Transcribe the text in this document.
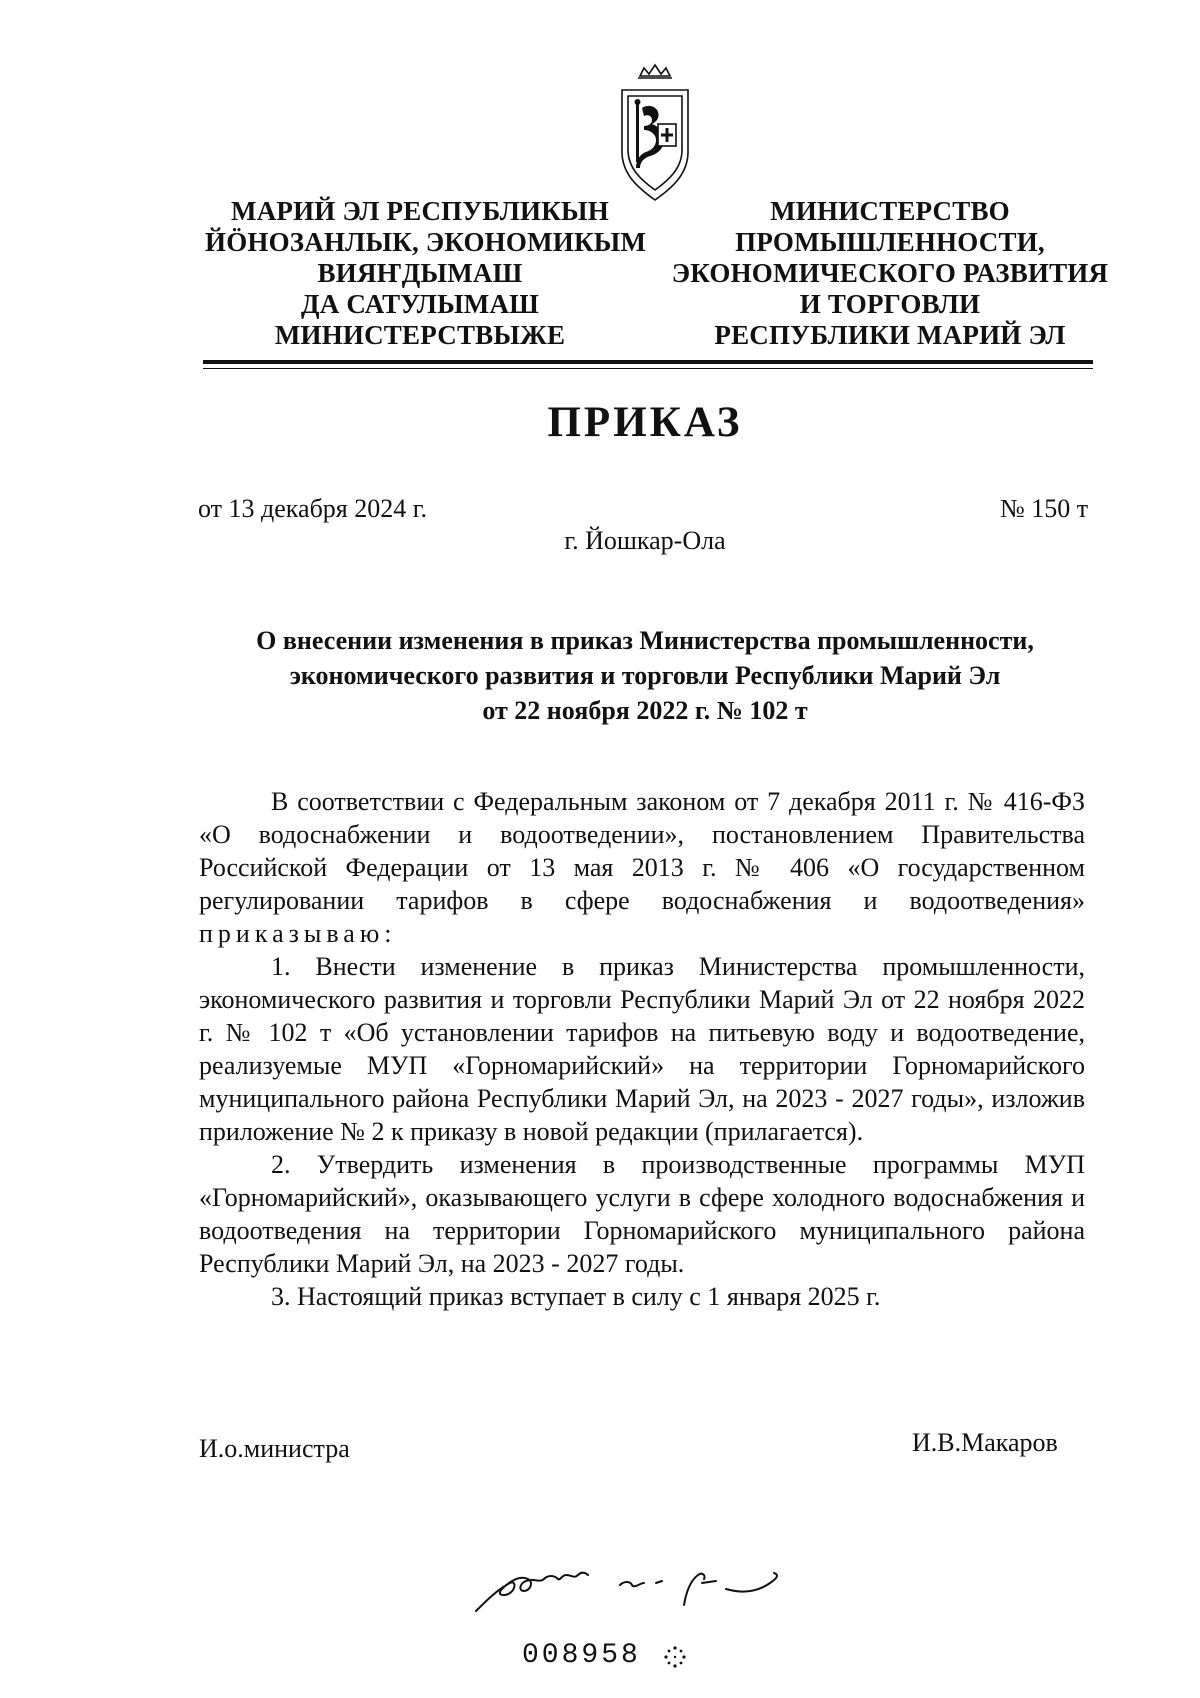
МАРИЙ ЭЛ РЕСПУБЛИКЫН
ЙӦНОЗАНЛЫК, ЭКОНОМИКЫМ
ВИЯҤДЫМАШ
ДА САТУЛЫМАШ
МИНИСТЕРСТВЫЖЕ
МИНИСТЕРСТВО
ПРОМЫШЛЕННОСТИ,
ЭКОНОМИЧЕСКОГО РАЗВИТИЯ
И ТОРГОВЛИ
РЕСПУБЛИКИ МАРИЙ ЭЛ
ПРИКАЗ
от 13 декабря 2024 г.	№ 150 т
г. Йошкар-Ола
О внесении изменения в приказ Министерства промышленности,
экономического развития и торговли Республики Марий Эл
от 22 ноября 2022 г. № 102 т

В соответствии с Федеральным законом от 7 декабря 2011 г. № 416-ФЗ «О водоснабжении и водоотведении», постановлением Правительства Российской Федерации от 13 мая 2013 г. № 406 «О государственном регулировании тарифов в сфере водоснабжения и водоотведения» приказываю:

1. Внести изменение в приказ Министерства промышленности, экономического развития и торговли Республики Марий Эл от 22 ноября 2022 г. № 102 т «Об установлении тарифов на питьевую воду и водоотведение, реализуемые МУП «Горномарийский» на территории Горномарийского муниципального района Республики Марий Эл, на 2023 - 2027 годы», изложив приложение № 2 к приказу в новой редакции (прилагается).

2. Утвердить изменения в производственные программы МУП «Горномарийский», оказывающего услуги в сфере холодного водоснабжения и водоотведения на территории Горномарийского муниципального района Республики Марий Эл, на 2023 - 2027 годы.

3. Настоящий приказ вступает в силу с 1 января 2025 г.

И.о.министра	И.В.Макаров
008958
